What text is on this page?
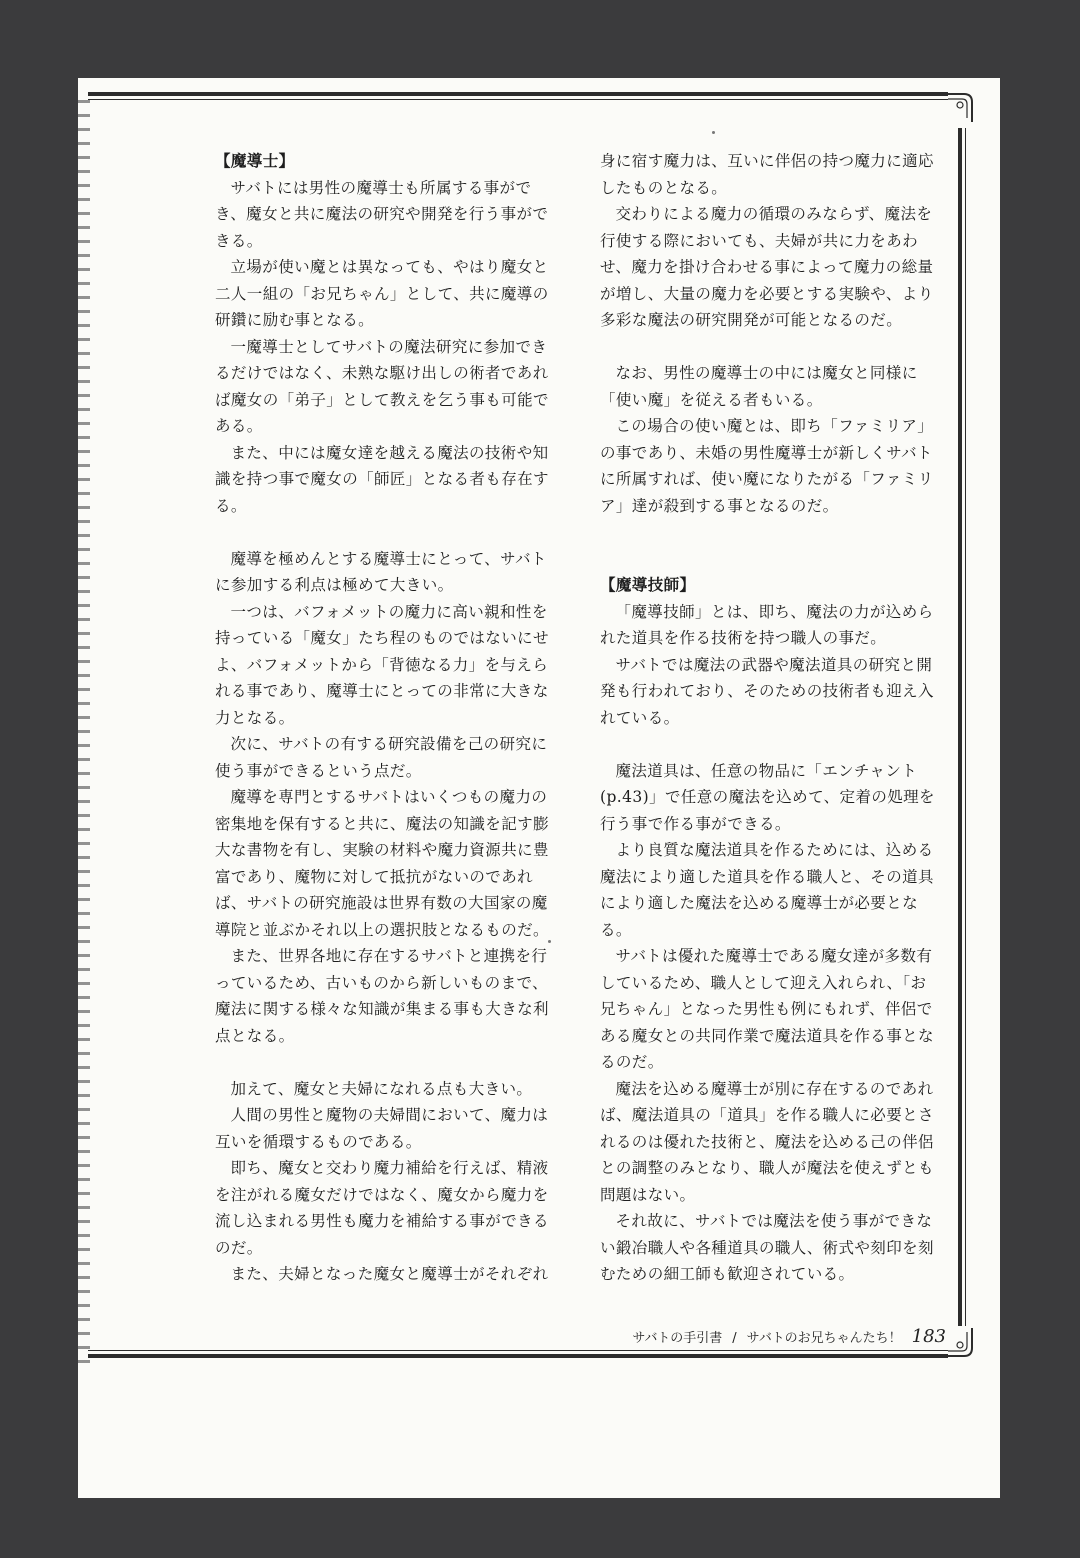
【魔導士】

サバトには男性の魔導士も所属する事ができ、魔女と共に魔法の研究や開発を行う事ができる。

立場が使い魔とは異なっても、やはり魔女と二人一組の「お兄ちゃん」として、共に魔導の研鑽に励む事となる。

一魔導士としてサバトの魔法研究に参加できるだけではなく、未熟な駆け出しの術者であれば魔女の「弟子」として教えを乞う事も可能である。

また、中には魔女達を越える魔法の技術や知識を持つ事で魔女の「師匠」となる者も存在する。

魔導を極めんとする魔導士にとって、サバトに参加する利点は極めて大きい。

一つは、バフォメットの魔力に高い親和性を持っている「魔女」たち程のものではないにせよ、バフォメットから「背徳なる力」を与えられる事であり、魔導士にとっての非常に大きな力となる。

次に、サバトの有する研究設備を己の研究に使う事ができるという点だ。

魔導を専門とするサバトはいくつもの魔力の密集地を保有すると共に、魔法の知識を記す膨大な書物を有し、実験の材料や魔力資源共に豊富であり、魔物に対して抵抗がないのであれば、サバトの研究施設は世界有数の大国家の魔導院と並ぶかそれ以上の選択肢となるものだ。

また、世界各地に存在するサバトと連携を行っているため、古いものから新しいものまで、魔法に関する様々な知識が集まる事も大きな利点となる。

加えて、魔女と夫婦になれる点も大きい。

人間の男性と魔物の夫婦間において、魔力は互いを循環するものである。

即ち、魔女と交わり魔力補給を行えば、精液を注がれる魔女だけではなく、魔女から魔力を流し込まれる男性も魔力を補給する事ができるのだ。

また、夫婦となった魔女と魔導士がそれぞれ

身に宿す魔力は、互いに伴侶の持つ魔力に適応したものとなる。

交わりによる魔力の循環のみならず、魔法を行使する際においても、夫婦が共に力をあわせ、魔力を掛け合わせる事によって魔力の総量が増し、大量の魔力を必要とする実験や、より多彩な魔法の研究開発が可能となるのだ。

なお、男性の魔導士の中には魔女と同様に「使い魔」を従える者もいる。

この場合の使い魔とは、即ち「ファミリア」の事であり、未婚の男性魔導士が新しくサバトに所属すれば、使い魔になりたがる「ファミリア」達が殺到する事となるのだ。

【魔導技師】

「魔導技師」とは、即ち、魔法の力が込められた道具を作る技術を持つ職人の事だ。

サバトでは魔法の武器や魔法道具の研究と開発も行われており、そのための技術者も迎え入れている。

魔法道具は、任意の物品に「エンチャント(p.43)」で任意の魔法を込めて、定着の処理を行う事で作る事ができる。

より良質な魔法道具を作るためには、込める魔法により適した道具を作る職人と、その道具により適した魔法を込める魔導士が必要となる。

サバトは優れた魔導士である魔女達が多数有しているため、職人として迎え入れられ、「お兄ちゃん」となった男性も例にもれず、伴侶である魔女との共同作業で魔法道具を作る事となるのだ。

魔法を込める魔導士が別に存在するのであれば、魔法道具の「道具」を作る職人に必要とされるのは優れた技術と、魔法を込める己の伴侶との調整のみとなり、職人が魔法を使えずとも問題はない。

それ故に、サバトでは魔法を使う事ができない鍛冶職人や各種道具の職人、術式や刻印を刻むための細工師も歓迎されている。

サバトの手引書 / サバトのお兄ちゃんたち！ 183
